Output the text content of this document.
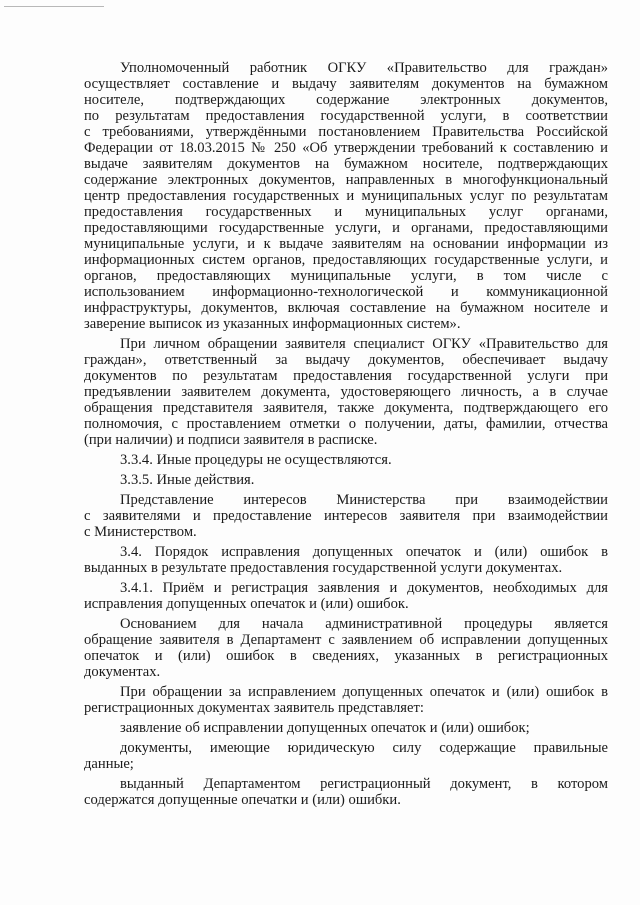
Уполномоченный работник ОГКУ «Правительство для граждан»
осуществляет составление и выдачу заявителям документов на бумажном
носителе, подтверждающих содержание электронных документов,
по результатам предоставления государственной услуги, в соответствии
с требованиями, утверждёнными постановлением Правительства Российской
Федерации от 18.03.2015 № 250 «Об утверждении требований к составлению и
выдаче заявителям документов на бумажном носителе, подтверждающих
содержание электронных документов, направленных в многофункциональный
центр предоставления государственных и муниципальных услуг по результатам
предоставления государственных и муниципальных услуг органами,
предоставляющими государственные услуги, и органами, предоставляющими
муниципальные услуги, и к выдаче заявителям на основании информации из
информационных систем органов, предоставляющих государственные услуги, и
органов, предоставляющих муниципальные услуги, в том числе с
использованием информационно-технологической и коммуникационной
инфраструктуры, документов, включая составление на бумажном носителе и
заверение выписок из указанных информационных систем».
При личном обращении заявителя специалист ОГКУ «Правительство для
граждан», ответственный за выдачу документов, обеспечивает выдачу
документов по результатам предоставления государственной услуги при
предъявлении заявителем документа, удостоверяющего личность, а в случае
обращения представителя заявителя, также документа, подтверждающего его
полномочия, с проставлением отметки о получении, даты, фамилии, отчества
(при наличии) и подписи заявителя в расписке.
3.3.4. Иные процедуры не осуществляются.
3.3.5. Иные действия.
Представление интересов Министерства при взаимодействии
с заявителями и предоставление интересов заявителя при взаимодействии
с Министерством.
3.4. Порядок исправления допущенных опечаток и (или) ошибок в
выданных в результате предоставления государственной услуги документах.
3.4.1. Приём и регистрация заявления и документов, необходимых для
исправления допущенных опечаток и (или) ошибок.
Основанием для начала административной процедуры является
обращение заявителя в Департамент с заявлением об исправлении допущенных
опечаток и (или) ошибок в сведениях, указанных в регистрационных
документах.
При обращении за исправлением допущенных опечаток и (или) ошибок в
регистрационных документах заявитель представляет:
заявление об исправлении допущенных опечаток и (или) ошибок;
документы, имеющие юридическую силу содержащие правильные
данные;
выданный Департаментом регистрационный документ, в котором
содержатся допущенные опечатки и (или) ошибки.
